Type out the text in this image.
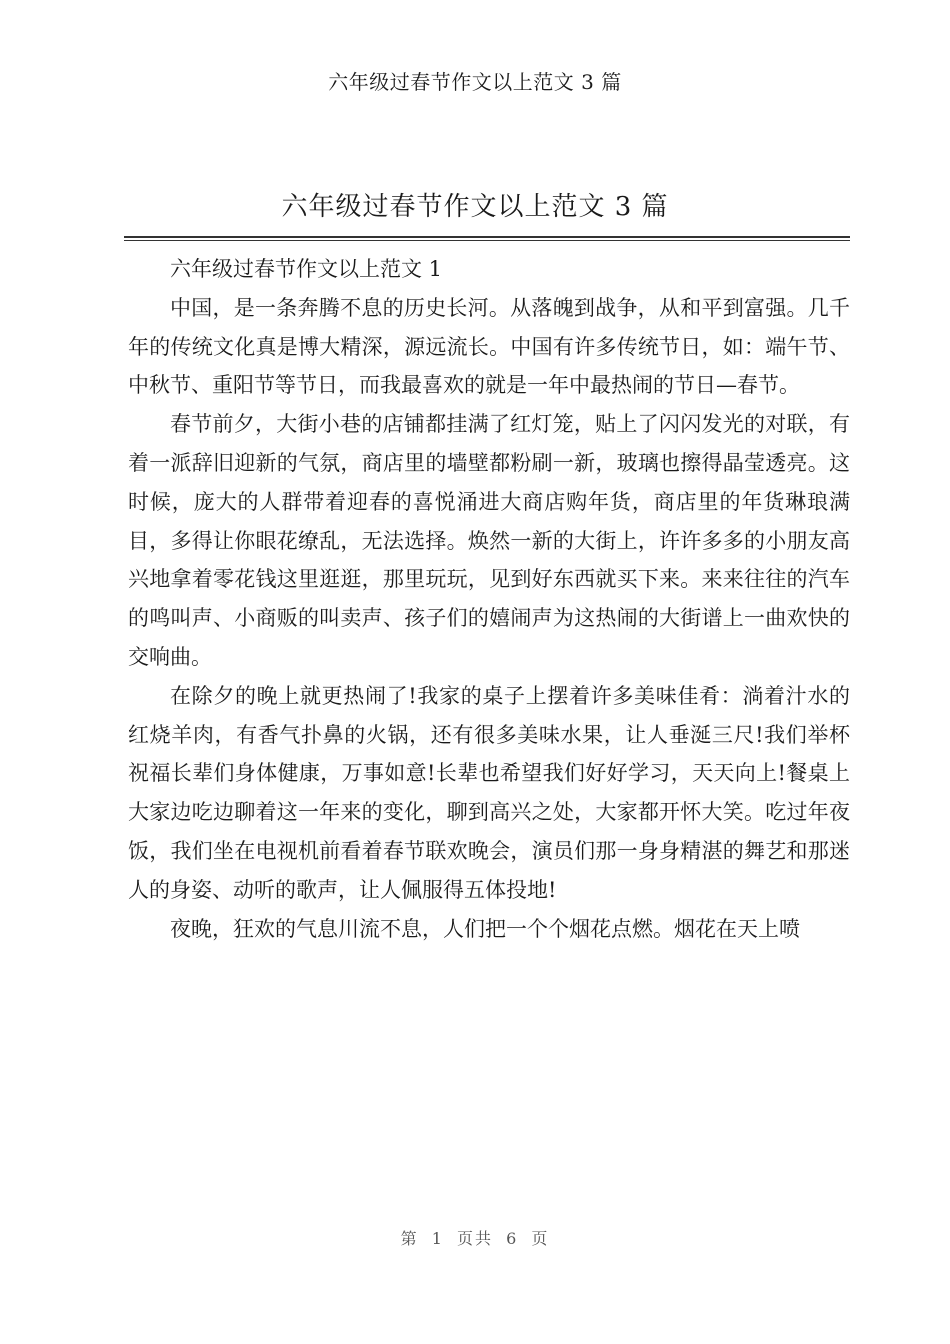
六年级过春节作文以上范文 3 篇
六年级过春节作文以上范文 3 篇

六年级过春节作文以上范文 1

中国，是一条奔腾不息的历史长河。从落魄到战争，从和平到富强。几千年的传统文化真是博大精深，源远流长。中国有许多传统节日，如：端午节、中秋节、重阳节等节日，而我最喜欢的就是一年中最热闹的节日—春节。

春节前夕，大街小巷的店铺都挂满了红灯笼，贴上了闪闪发光的对联，有着一派辞旧迎新的气氛，商店里的墙壁都粉刷一新，玻璃也擦得晶莹透亮。这时候，庞大的人群带着迎春的喜悦涌进大商店购年货，商店里的年货琳琅满目，多得让你眼花缭乱，无法选择。焕然一新的大街上，许许多多的小朋友高兴地拿着零花钱这里逛逛，那里玩玩，见到好东西就买下来。来来往往的汽车的鸣叫声、小商贩的叫卖声、孩子们的嬉闹声为这热闹的大街谱上一曲欢快的交响曲。

在除夕的晚上就更热闹了!我家的桌子上摆着许多美味佳肴：淌着汁水的红烧羊肉，有香气扑鼻的火锅，还有很多美味水果，让人垂涎三尺!我们举杯祝福长辈们身体健康，万事如意!长辈也希望我们好好学习，天天向上!餐桌上大家边吃边聊着这一年来的变化，聊到高兴之处，大家都开怀大笑。吃过年夜饭，我们坐在电视机前看着春节联欢晚会，演员们那一身身精湛的舞艺和那迷人的身姿、动听的歌声，让人佩服得五体投地!

夜晚，狂欢的气息川流不息，人们把一个个烟花点燃。烟花在天上喷

第 1 页共 6 页
